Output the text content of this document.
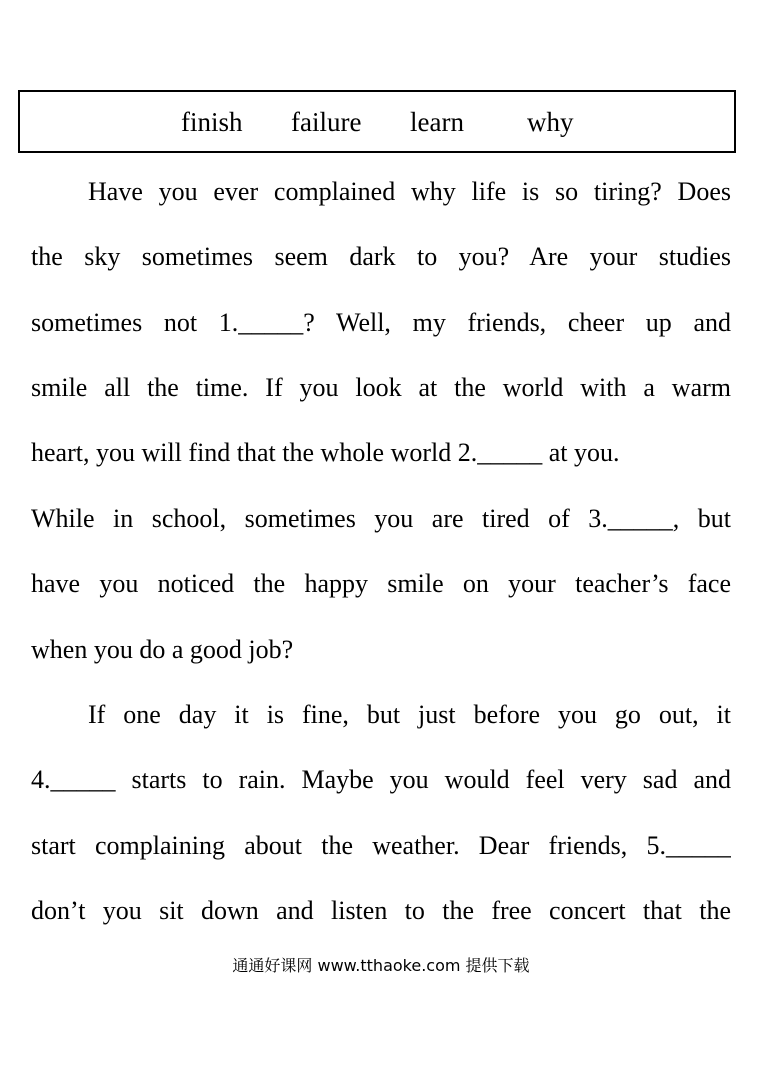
finish failure learn why
Have you ever complained why life is so tiring? Does
the sky sometimes seem dark to you? Are your studies
sometimes not 1._____? Well, my friends, cheer up and
smile all the time. If you look at the world with a warm
heart, you will find that the whole world 2._____ at you.
While in school, sometimes you are tired of 3._____, but
have you noticed the happy smile on your teacher’s face
when you do a good job?
If one day it is fine, but just before you go out, it
4._____ starts to rain. Maybe you would feel very sad and
start complaining about the weather. Dear friends, 5._____
don’t you sit down and listen to the free concert that the
通通好课网 www.tthaoke.com 提供下载
